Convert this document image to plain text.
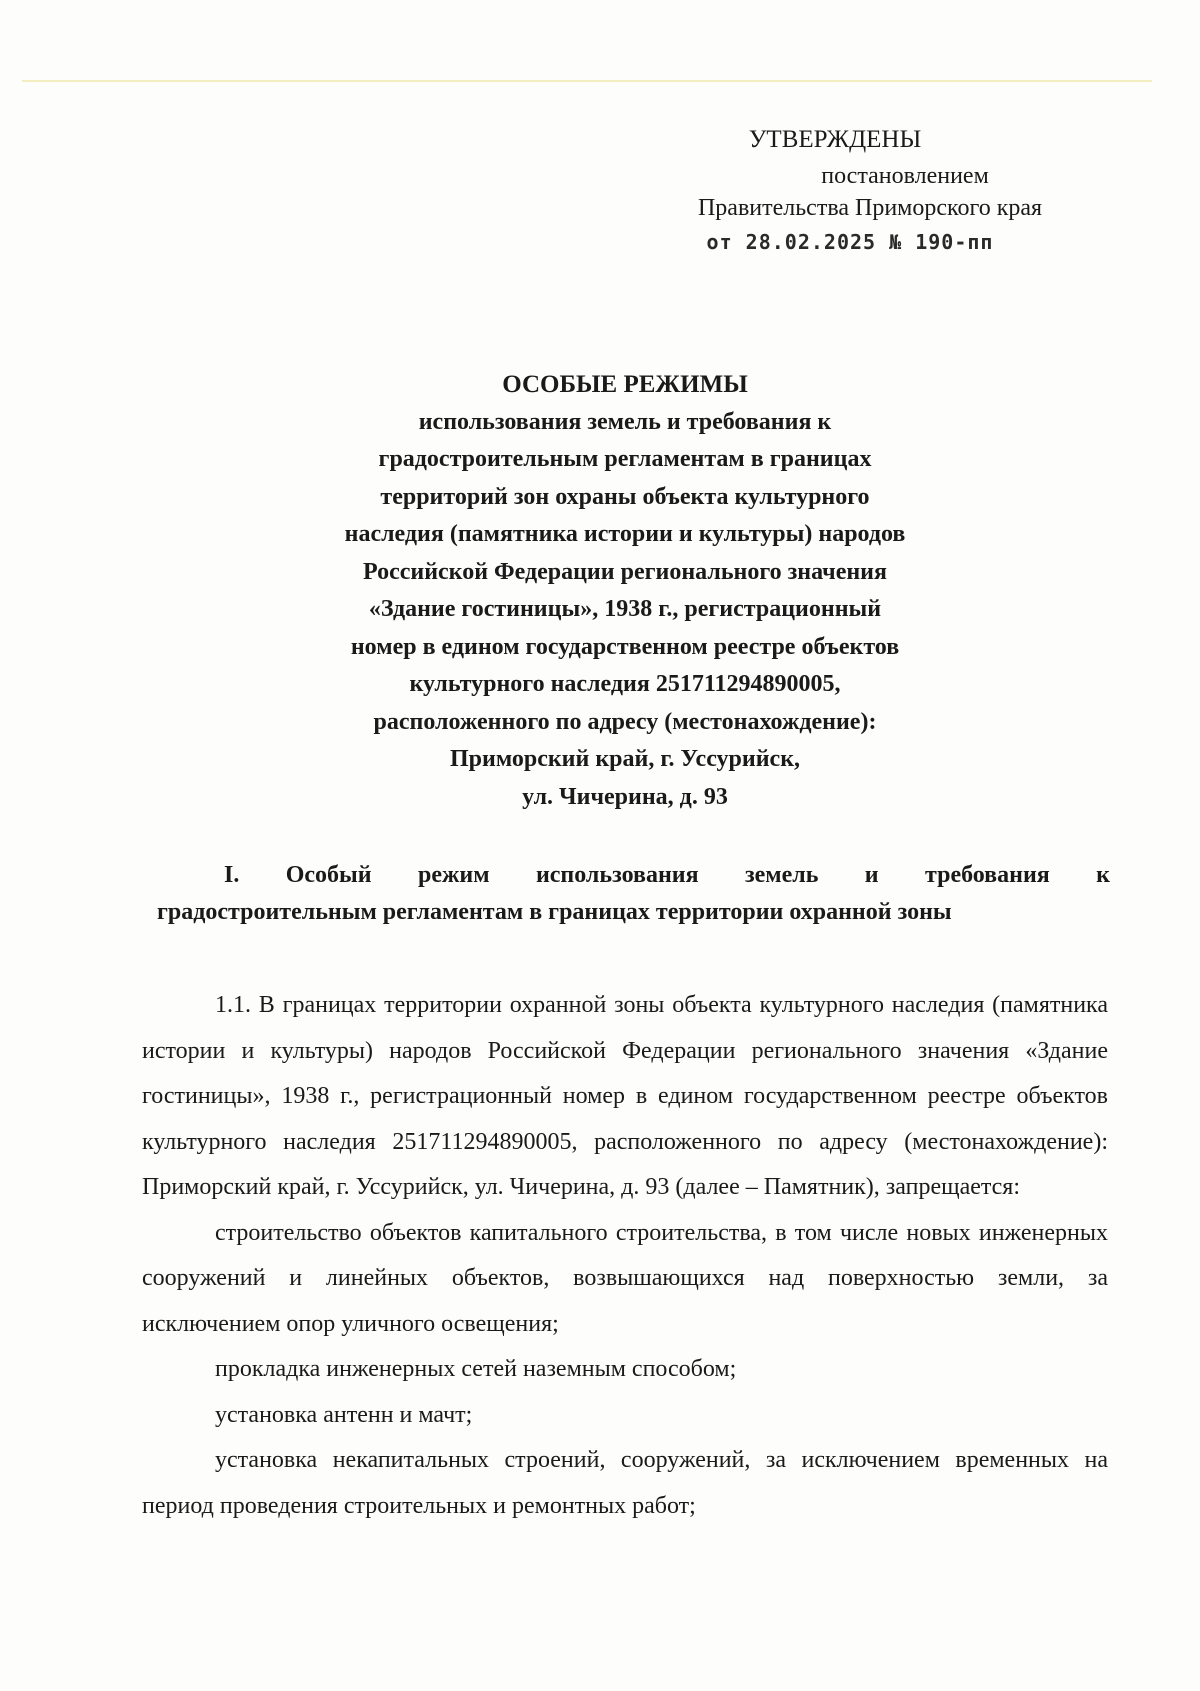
УТВЕРЖДЕНЫ
постановлением
Правительства Приморского края
от 28.02.2025 № 190-пп
ОСОБЫЕ РЕЖИМЫ
использования земель и требования к
градостроительным регламентам в границах
территорий зон охраны объекта культурного
наследия (памятника истории и культуры) народов
Российской Федерации регионального значения
«Здание гостиницы», 1938 г., регистрационный
номер в едином государственном реестре объектов
культурного наследия 251711294890005,
расположенного по адресу (местонахождение):
Приморский край, г. Уссурийск,
ул. Чичерина, д. 93
I. Особый режим использования земель и требования к
градостроительным регламентам в границах территории охранной зоны

1.1. В границах территории охранной зоны объекта культурного наследия (памятника истории и культуры) народов Российской Федерации регионального значения «Здание гостиницы», 1938 г., регистрационный номер в едином государственном реестре объектов культурного наследия 251711294890005, расположенного по адресу (местонахождение): Приморский край, г. Уссурийск, ул. Чичерина, д. 93 (далее – Памятник), запрещается:

строительство объектов капитального строительства, в том числе новых инженерных сооружений и линейных объектов, возвышающихся над поверхностью земли, за исключением опор уличного освещения;

прокладка инженерных сетей наземным способом;

установка антенн и мачт;

установка некапитальных строений, сооружений, за исключением временных на период проведения строительных и ремонтных работ;
